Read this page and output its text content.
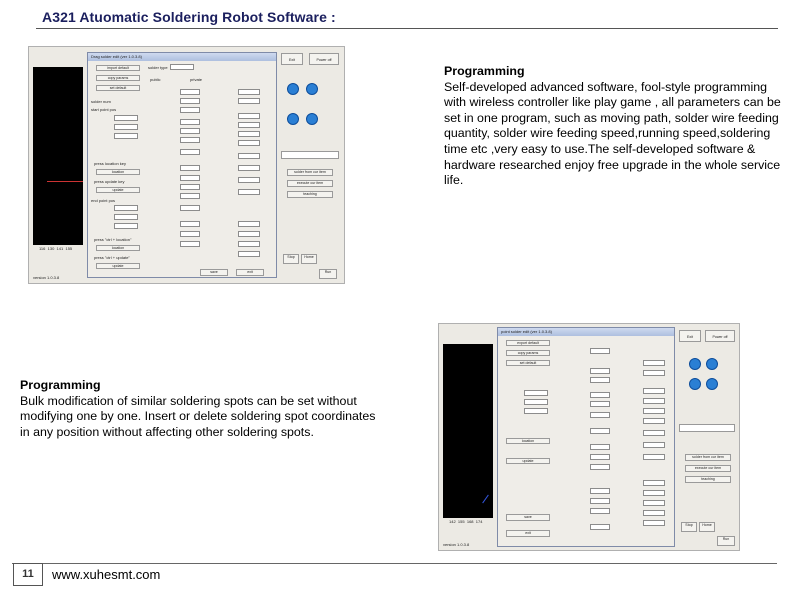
A321 Atuomatic Soldering Robot Software :
116 130 141 155
version 1.0.3.8
Drag solder edit (ver 1.0.3.8)
import default
copy params
set default
solder num
start point pos
press location key
location
press update key
update
end point pos
press "ctrl + location"
location
press "ctrl + update"
update
solder type
public	private
save	exit
Exit	Power off
solder from cur item
execute cur item
teaching
Stop	Home
Run
Programming
Self-developed advanced software, fool-style programming with wireless controller like play game , all parameters can be set in one program, such as moving path, solder wire feeding quantity, solder wire feeding speed,running speed,soldering time etc ,very easy to use.The self-developed software & hardware researched enjoy free upgrade in the whole service life.
Programming
Bulk modification of similar soldering spots can be set without modifying one by one. Insert or delete soldering spot coordinates in any position without affecting other soldering spots.
142 155 168 174
version 1.0.3.8
point solder edit (ver 1.0.3.8)
export default
copy params
set default
location
update
save
exit
Exit	Power off
solder from cur item
execute cur item
teaching
Stop	Home
Run
11	www.xuhesmt.com
